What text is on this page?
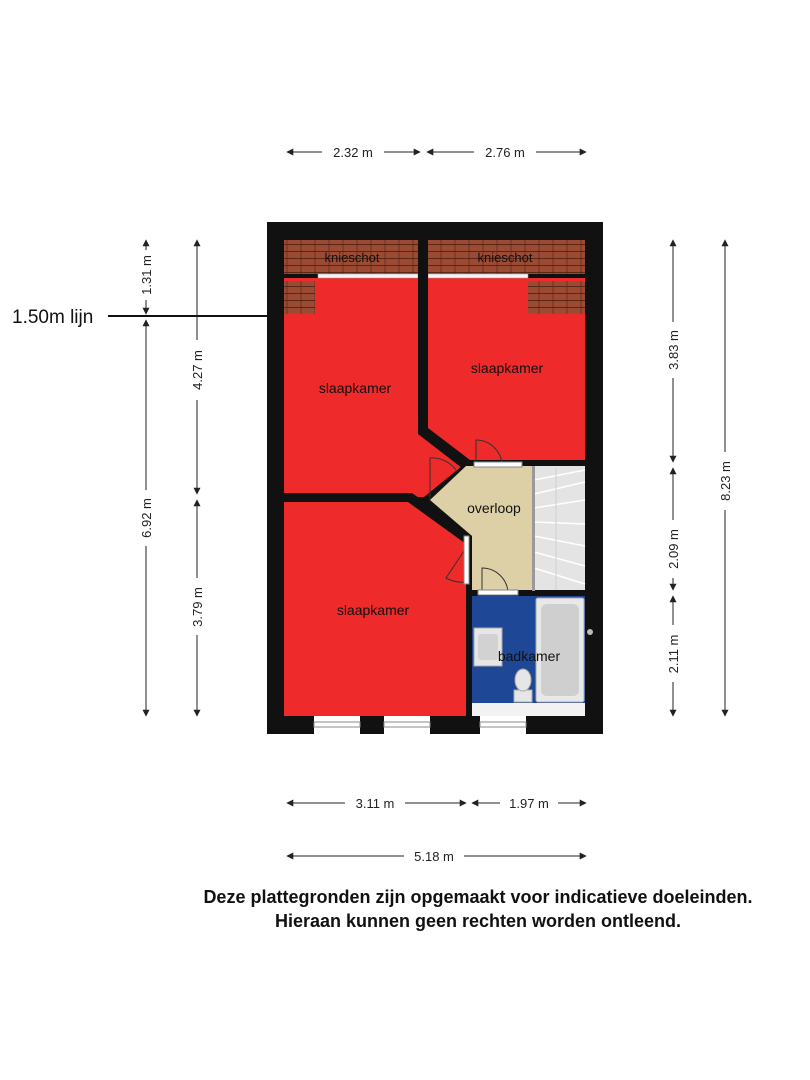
slaapkamer
slaapkamer
slaapkamer
overloop
badkamer
knieschot	knieschot
1.50m lijn
2.32 m	2.76 m
3.11 m	1.97 m
5.18 m
1.31 m
6.92 m
4.27 m
3.79 m
3.83 m
2.09 m
2.11 m
8.23 m
Deze plattegronden zijn opgemaakt voor indicatieve doeleinden.
Hieraan kunnen geen rechten worden ontleend.
